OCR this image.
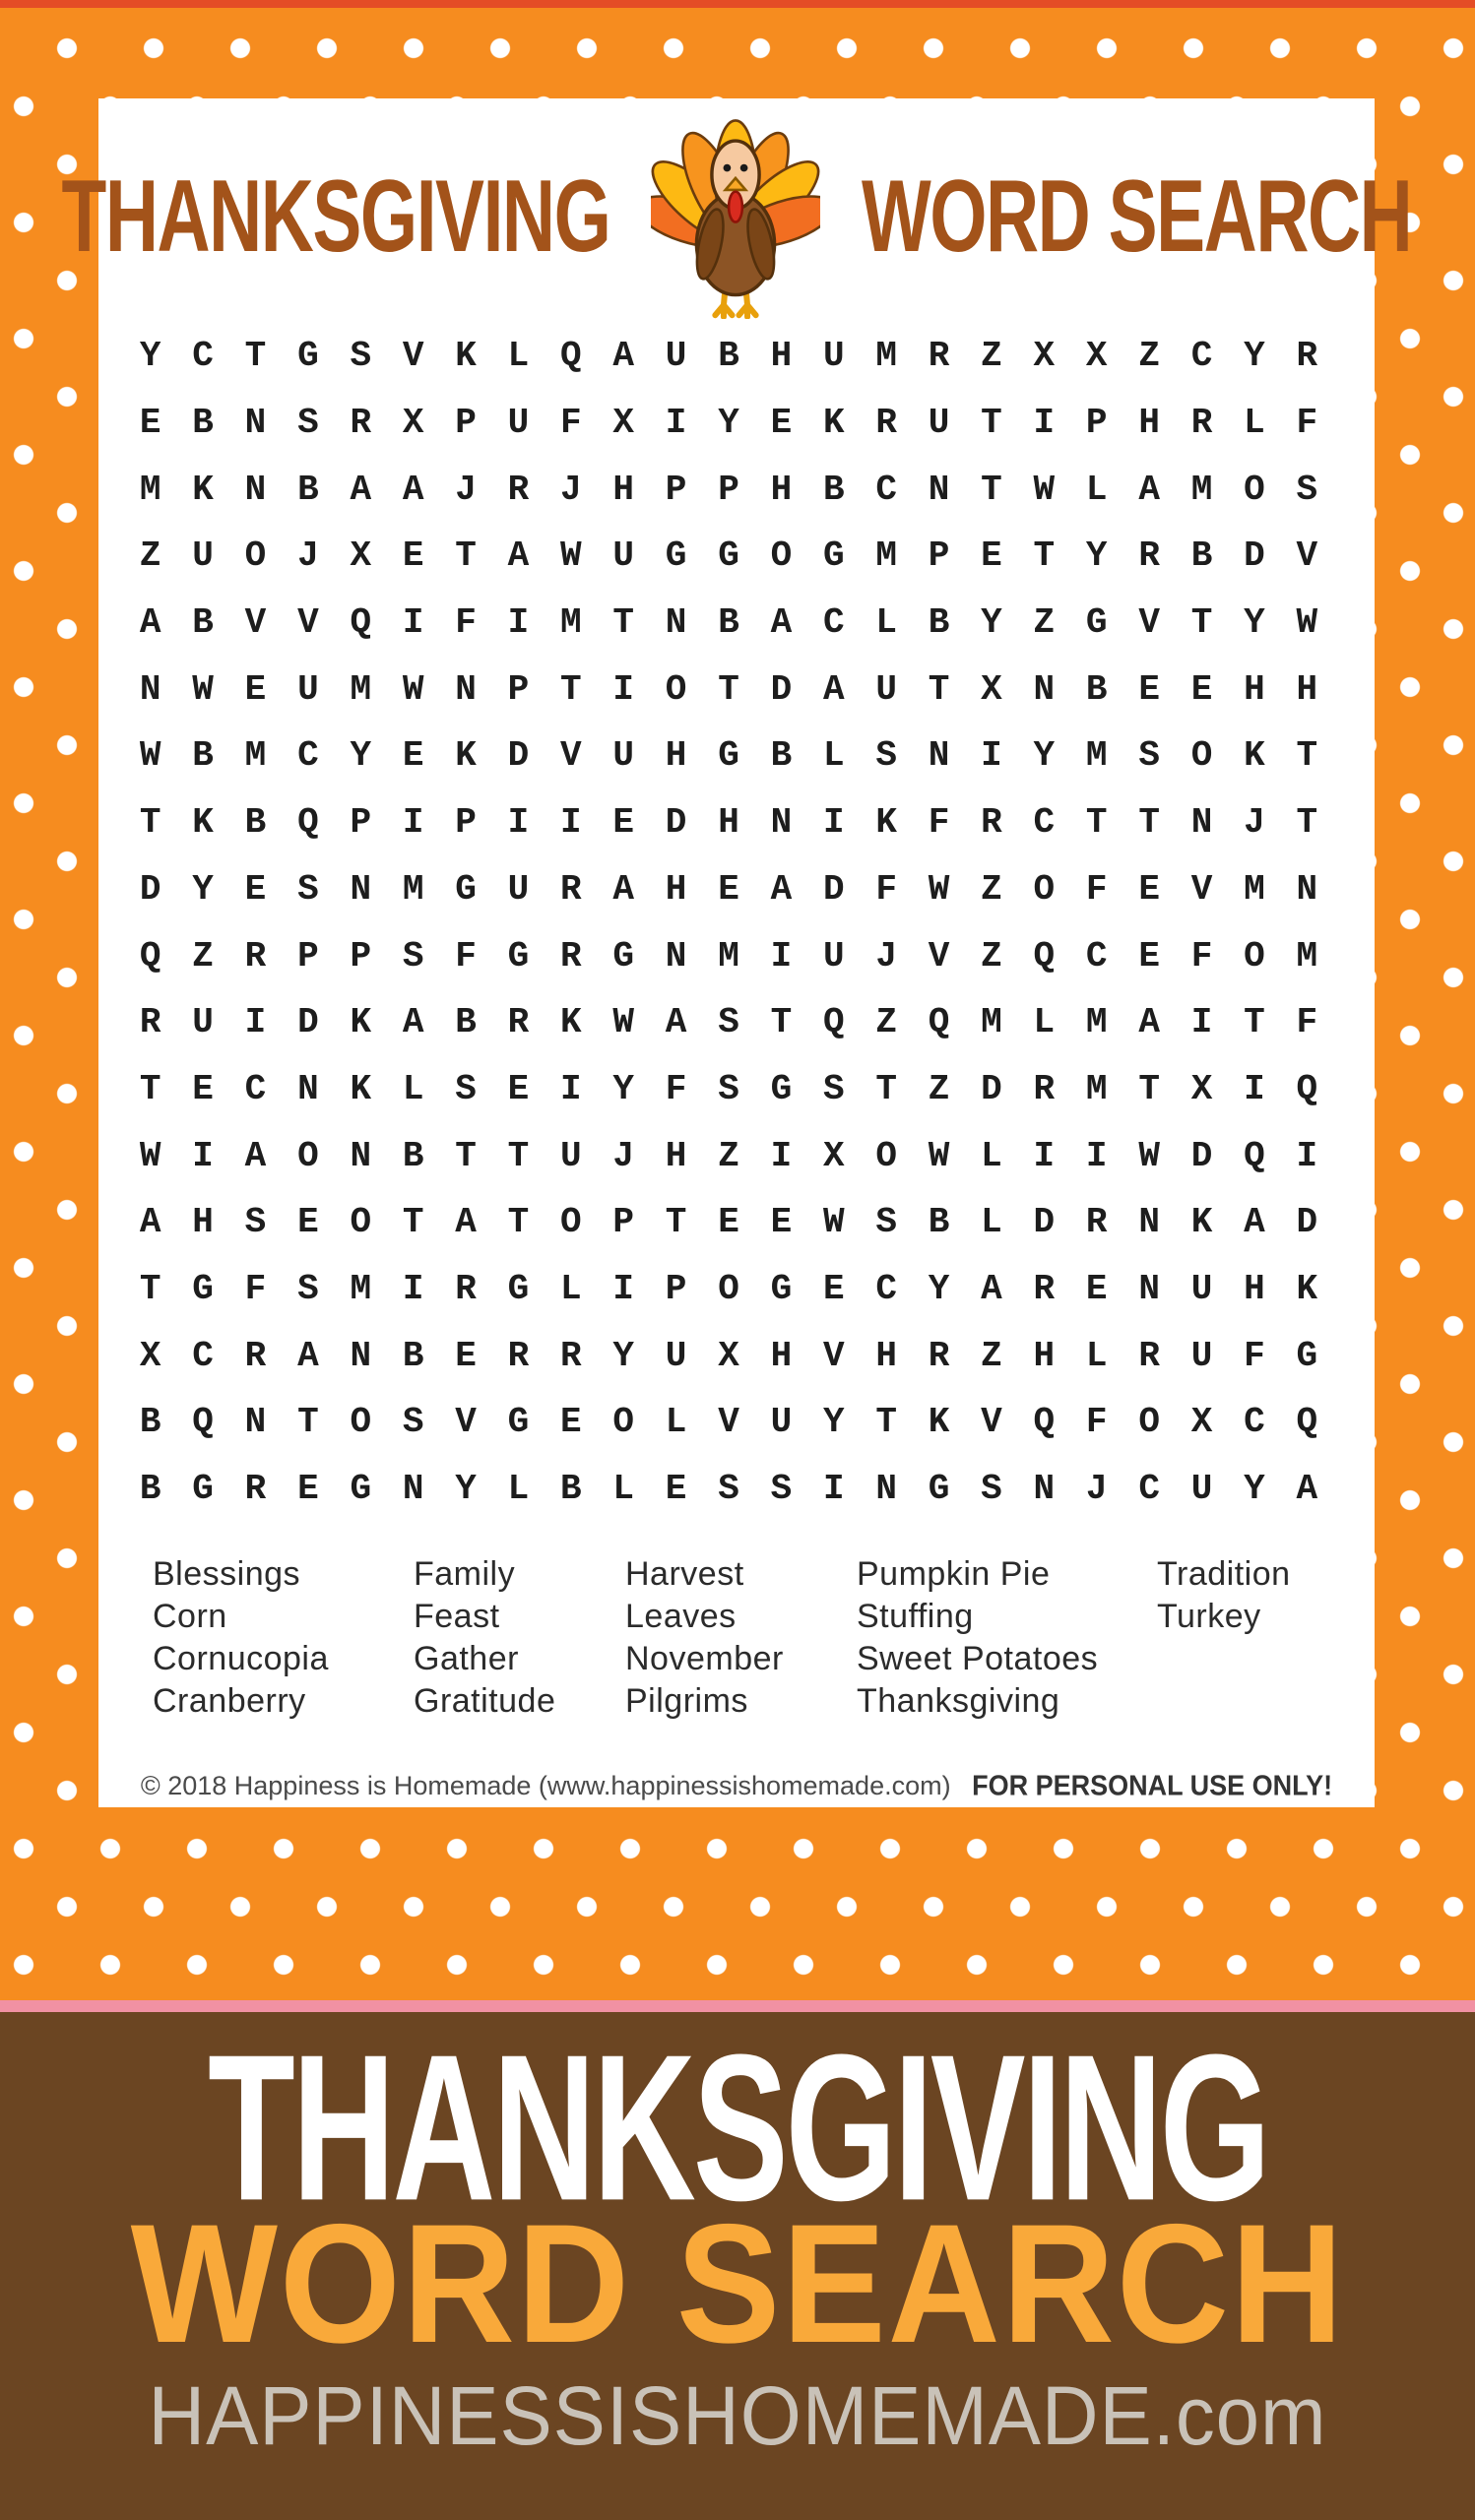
THANKSGIVING WORD SEARCH
Y C T G S V K L Q A U B H U M R Z X X Z C Y R
E B N S R X P U F X I Y E K R U T I P H R L F
M K N B A A J R J H P P H B C N T W L A M O S
Z U O J X E T A W U G G O G M P E T Y R B D V
A B V V Q I F I M T N B A C L B Y Z G V T Y W
N W E U M W N P T I O T D A U T X N B E E H H
W B M C Y E K D V U H G B L S N I Y M S O K T
T K B Q P I P I I E D H N I K F R C T T N J T
D Y E S N M G U R A H E A D F W Z O F E V M N
Q Z R P P S F G R G N M I U J V Z Q C E F O M
R U I D K A B R K W A S T Q Z Q M L M A I T F
T E C N K L S E I Y F S G S T Z D R M T X I Q
W I A O N B T T U J H Z I X O W L I I W D Q I
A H S E O T A T O P T E E W S B L D R N K A D
T G F S M I R G L I P O G E C Y A R E N U H K
X C R A N B E R R Y U X H V H R Z H L R U F G
B Q N T O S V G E O L V U Y T K V Q F O X C Q
B G R E G N Y L B L E S S I N G S N J C U Y A
Blessings
Corn
Cornucopia
Cranberry
Family
Feast
Gather
Gratitude
Harvest
Leaves
November
Pilgrims
Pumpkin Pie
Stuffing
Sweet Potatoes
Thanksgiving
Tradition
Turkey
© 2018 Happiness is Homemade (www.happinessishomemade.com) FOR PERSONAL USE ONLY!
THANKSGIVING
WORD SEARCH
HAPPINESSISHOMEMADE.com
